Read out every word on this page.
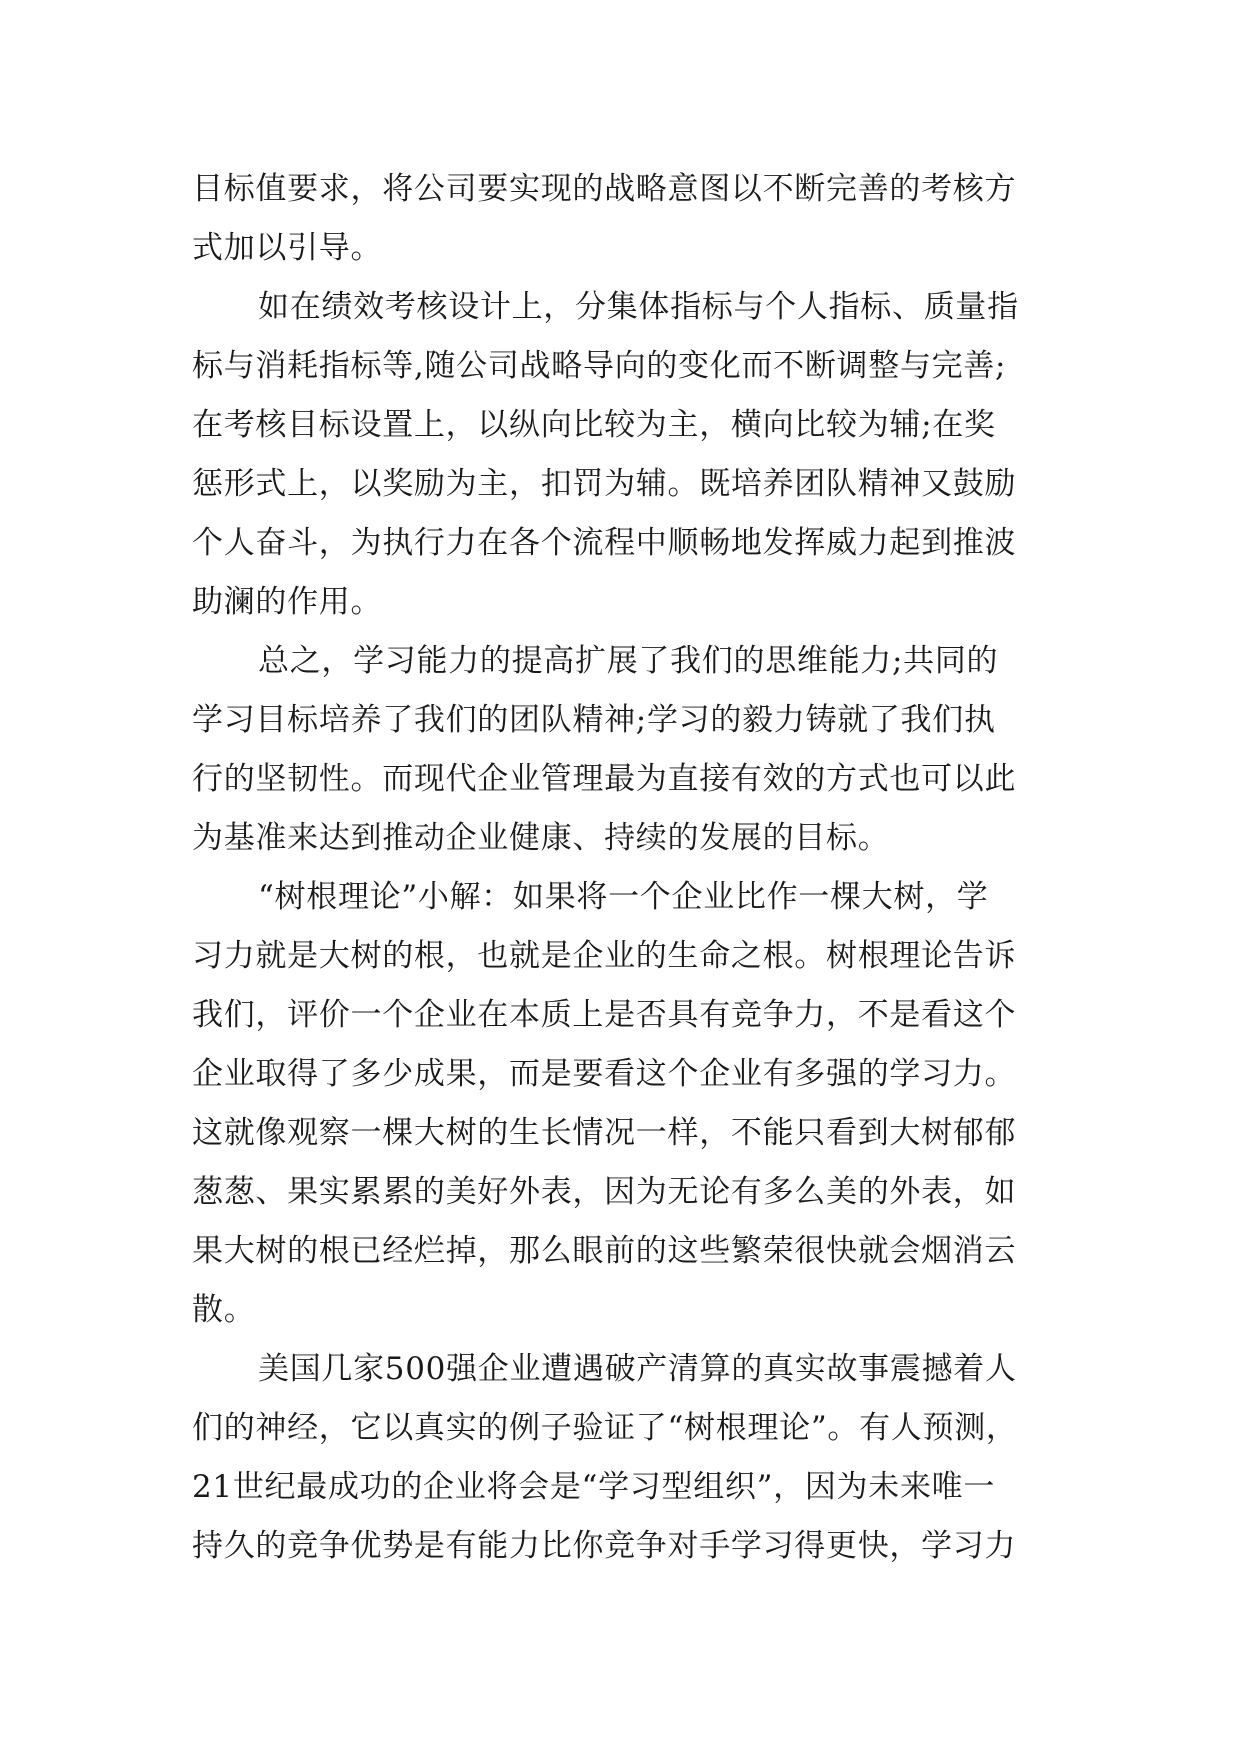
目标值要求，将公司要实现的战略意图以不断完善的考核方
式加以引导。
如在绩效考核设计上，分集体指标与个人指标、质量指
标与消耗指标等,随公司战略导向的变化而不断调整与完善;
在考核目标设置上，以纵向比较为主，横向比较为辅;在奖
惩形式上，以奖励为主，扣罚为辅。既培养团队精神又鼓励
个人奋斗，为执行力在各个流程中顺畅地发挥威力起到推波
助澜的作用。
总之，学习能力的提高扩展了我们的思维能力;共同的
学习目标培养了我们的团队精神;学习的毅力铸就了我们执
行的坚韧性。而现代企业管理最为直接有效的方式也可以此
为基准来达到推动企业健康、持续的发展的目标。
“树根理论”小解：如果将一个企业比作一棵大树，学
习力就是大树的根，也就是企业的生命之根。树根理论告诉
我们，评价一个企业在本质上是否具有竞争力，不是看这个
企业取得了多少成果，而是要看这个企业有多强的学习力。
这就像观察一棵大树的生长情况一样，不能只看到大树郁郁
葱葱、果实累累的美好外表，因为无论有多么美的外表，如
果大树的根已经烂掉，那么眼前的这些繁荣很快就会烟消云
散。
美国几家500强企业遭遇破产清算的真实故事震撼着人
们的神经，它以真实的例子验证了“树根理论”。有人预测，
21世纪最成功的企业将会是“学习型组织”，因为未来唯一
持久的竞争优势是有能力比你竞争对手学习得更快，学习力
